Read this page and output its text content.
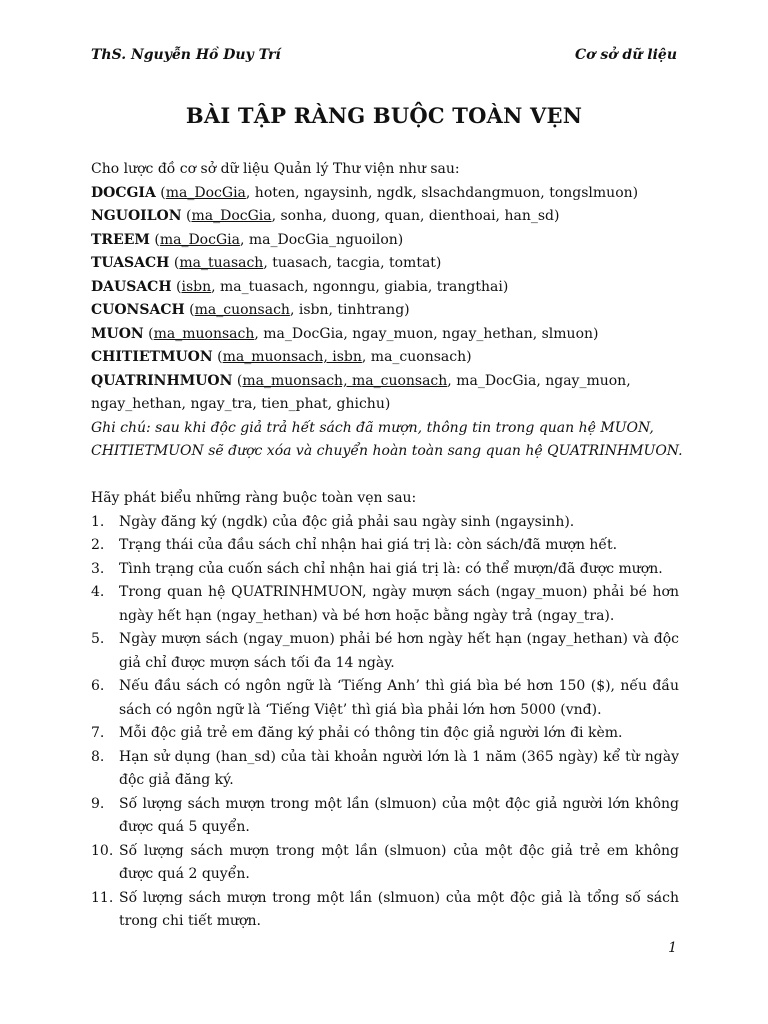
ThS. Nguyễn Hồ Duy Trí	Cơ sở dữ liệu
BÀI TẬP RÀNG BUỘC TOÀN VẸN
Cho lược đồ cơ sở dữ liệu Quản lý Thư viện như sau:
DOCGIA (ma_DocGia, hoten, ngaysinh, ngdk, slsachdangmuon, tongslmuon)
NGUOILON (ma_DocGia, sonha, duong, quan, dienthoai, han_sd)
TREEM (ma_DocGia, ma_DocGia_nguoilon)
TUASACH (ma_tuasach, tuasach, tacgia, tomtat)
DAUSACH (isbn, ma_tuasach, ngonngu, giabia, trangthai)
CUONSACH (ma_cuonsach, isbn, tinhtrang)
MUON (ma_muonsach, ma_DocGia, ngay_muon, ngay_hethan, slmuon)
CHITIETMUON (ma_muonsach, isbn, ma_cuonsach)
QUATRINHMUON (ma_muonsach, ma_cuonsach, ma_DocGia, ngay_muon,
ngay_hethan, ngay_tra, tien_phat, ghichu)
Ghi chú: sau khi độc giả trả hết sách đã mượn, thông tin trong quan hệ MUON,
CHITIETMUON sẽ được xóa và chuyển hoàn toàn sang quan hệ QUATRINHMUON.
Hãy phát biểu những ràng buộc toàn vẹn sau:
1.	Ngày đăng ký (ngdk) của độc giả phải sau ngày sinh (ngaysinh).
2.	Trạng thái của đầu sách chỉ nhận hai giá trị là: còn sách/đã mượn hết.
3.	Tình trạng của cuốn sách chỉ nhận hai giá trị là: có thể mượn/đã được mượn.
4.	Trong quan hệ QUATRINHMUON, ngày mượn sách (ngay_muon) phải bé hơn ngày hết hạn (ngay_hethan) và bé hơn hoặc bằng ngày trả (ngay_tra).
5.	Ngày mượn sách (ngay_muon) phải bé hơn ngày hết hạn (ngay_hethan) và độc giả chỉ được mượn sách tối đa 14 ngày.
6.	Nếu đầu sách có ngôn ngữ là ‘Tiếng Anh’ thì giá bìa bé hơn 150 ($), nếu đầu sách có ngôn ngữ là ‘Tiếng Việt’ thì giá bìa phải lớn hơn 5000 (vnđ).
7.	Mỗi độc giả trẻ em đăng ký phải có thông tin độc giả người lớn đi kèm.
8.	Hạn sử dụng (han_sd) của tài khoản người lớn là 1 năm (365 ngày) kể từ ngày độc giả đăng ký.
9.	Số lượng sách mượn trong một lần (slmuon) của một độc giả người lớn không được quá 5 quyển.
10. Số lượng sách mượn trong một lần (slmuon) của một độc giả trẻ em không được quá 2 quyển.
11. Số lượng sách mượn trong một lần (slmuon) của một độc giả là tổng số sách trong chi tiết mượn.
1
